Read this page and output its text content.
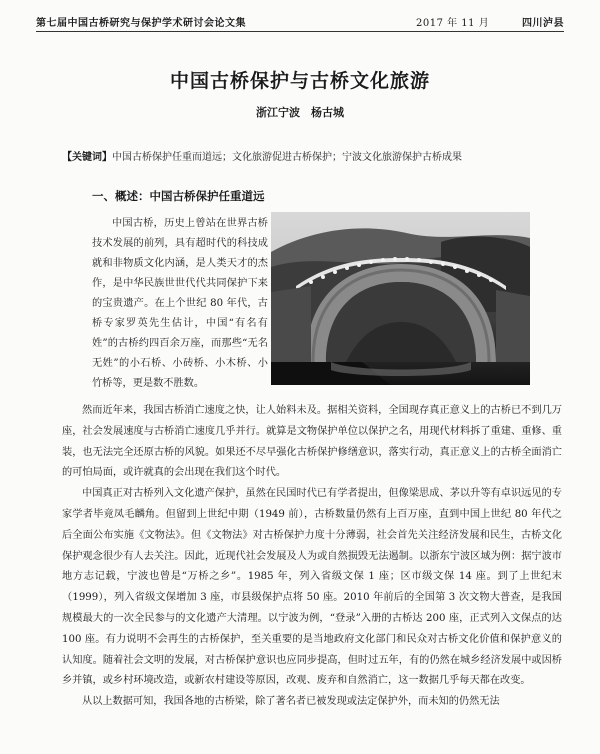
第七届中国古桥研究与保护学术研讨会论文集	2017 年 11 月	四川泸县
中国古桥保护与古桥文化旅游
浙江宁波　杨古城
【关键词】中国古桥保护任重而道远；文化旅游促进古桥保护；宁波文化旅游保护古桥成果
一、概述：中国古桥保护任重道远

中国古桥，历史上曾站在世界古桥技术发展的前列，具有超时代的科技成就和非物质文化内涵，是人类天才的杰作，是中华民族世世代代共同保护下来的宝贵遗产。在上个世纪 80 年代，古桥专家罗英先生估计，中国“有名有姓”的古桥约四百余万座，而那些“无名无姓”的小石桥、小砖桥、小木桥、小竹桥等，更是数不胜数。

然而近年来，我国古桥消亡速度之快，让人始料未及。据相关资料，全国现存真正意义上的古桥已不到几万座，社会发展速度与古桥消亡速度几乎并行。就算是文物保护单位以保护之名，用现代材料拆了重建、重修、重装，也无法完全还原古桥的风貌。如果还不尽早强化古桥保护修缮意识，落实行动，真正意义上的古桥全面消亡的可怕局面，或许就真的会出现在我们这个时代。

中国真正对古桥列入文化遗产保护，虽然在民国时代已有学者提出，但像梁思成、茅以升等有卓识远见的专家学者毕竟凤毛麟角。但留到上世纪中期（1949 前），古桥数量仍然有上百万座，直到中国上世纪 80 年代之后全面公布实施《文物法》。但《文物法》对古桥保护力度十分薄弱，社会首先关注经济发展和民生，古桥文化保护观念很少有人去关注。因此，近现代社会发展及人为或自然损毁无法遏制。以浙东宁波区域为例：据宁波市地方志记载，宁波也曾是“万桥之乡”。1985 年，列入省级文保 1 座；区市级文保 14 座。到了上世纪末（1999），列入省级文保增加 3 座，市县级保护点将 50 座。2010 年前后的全国第 3 次文物大普查，是我国规模最大的一次全民参与的文化遗产大清理。以宁波为例，“登录”入册的古桥达 200 座，正式列入文保点的达 100 座。有力说明不会再生的古桥保护，至关重要的是当地政府文化部门和民众对古桥文化价值和保护意义的认知度。随着社会文明的发展，对古桥保护意识也应同步提高，但时过五年，有的仍然在城乡经济发展中或因桥乡并镇，或乡村环境改造，或新农村建设等原因，改观、废弃和自然消亡，这一数据几乎每天都在改变。

从以上数据可知，我国各地的古桥梁，除了著名者已被发现或法定保护外，而未知的仍然无法
